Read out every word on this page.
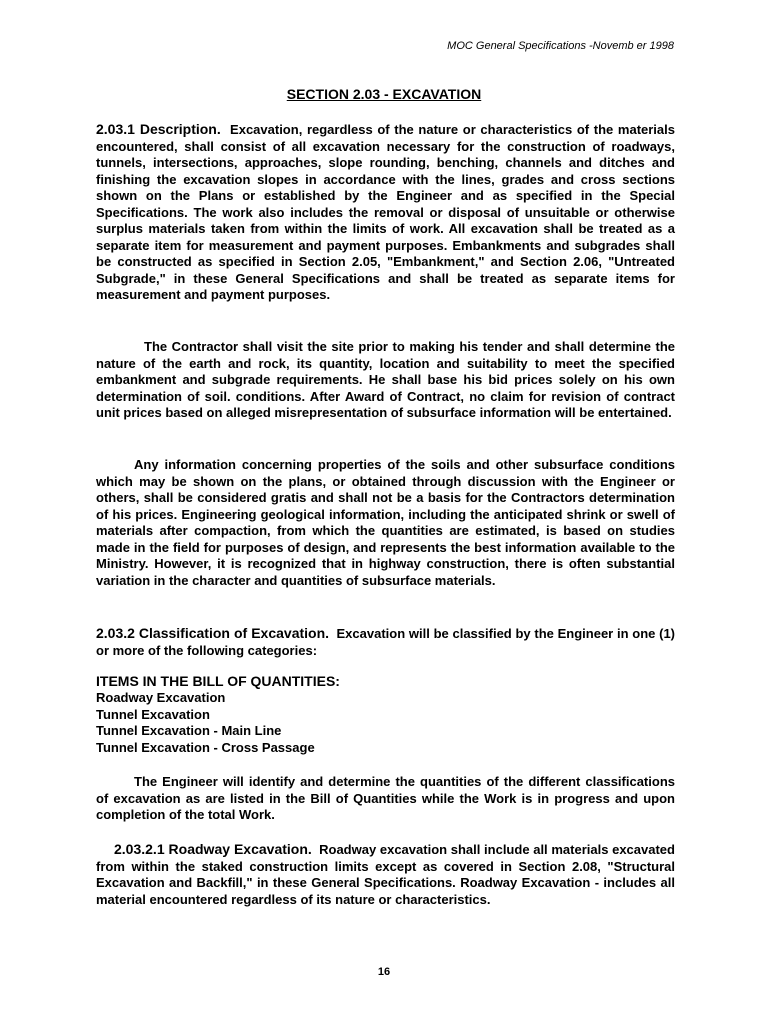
MOC General Specifications -Novemb er 1998
SECTION 2.03 - EXCAVATION

2.03.1 Description. Excavation, regardless of the nature or characteristics of the materials encountered, shall consist of all excavation necessary for the construction of roadways, tunnels, intersections, approaches, slope rounding, benching, channels and ditches and finishing the excavation slopes in accordance with the lines, grades and cross sections shown on the Plans or established by the Engineer and as specified in the Special Specifications. The work also includes the removal or disposal of unsuitable or otherwise surplus materials taken from within the limits of work. All excavation shall be treated as a separate item for measurement and payment purposes. Embankments and subgrades shall be constructed as specified in Section 2.05, "Embankment," and Section 2.06, "Untreated Subgrade," in these General Specifications and shall be treated as separate items for measurement and payment purposes.

The Contractor shall visit the site prior to making his tender and shall determine the nature of the earth and rock, its quantity, location and suitability to meet the specified embankment and subgrade requirements. He shall base his bid prices solely on his own determination of soil. conditions. After Award of Contract, no claim for revision of contract unit prices based on alleged misrepresentation of subsurface information will be entertained.

Any information concerning properties of the soils and other subsurface conditions which may be shown on the plans, or obtained through discussion with the Engineer or others, shall be considered gratis and shall not be a basis for the Contractors determination of his prices. Engineering geological information, including the anticipated shrink or swell of materials after compaction, from which the quantities are estimated, is based on studies made in the field for purposes of design, and represents the best information available to the Ministry. However, it is recognized that in highway construction, there is often substantial variation in the character and quantities of subsurface materials.

2.03.2 Classification of Excavation. Excavation will be classified by the Engineer in one (1) or more of the following categories:

ITEMS IN THE BILL OF QUANTITIES:
Roadway Excavation
Tunnel Excavation
Tunnel Excavation - Main Line
Tunnel Excavation - Cross Passage

The Engineer will identify and determine the quantities of the different classifications of excavation as are listed in the Bill of Quantities while the Work is in progress and upon completion of the total Work.

2.03.2.1 Roadway Excavation. Roadway excavation shall include all materials excavated from within the staked construction limits except as covered in Section 2.08, "Structural Excavation and Backfill," in these General Specifications. Roadway Excavation - includes all material encountered regardless of its nature or characteristics.

16
